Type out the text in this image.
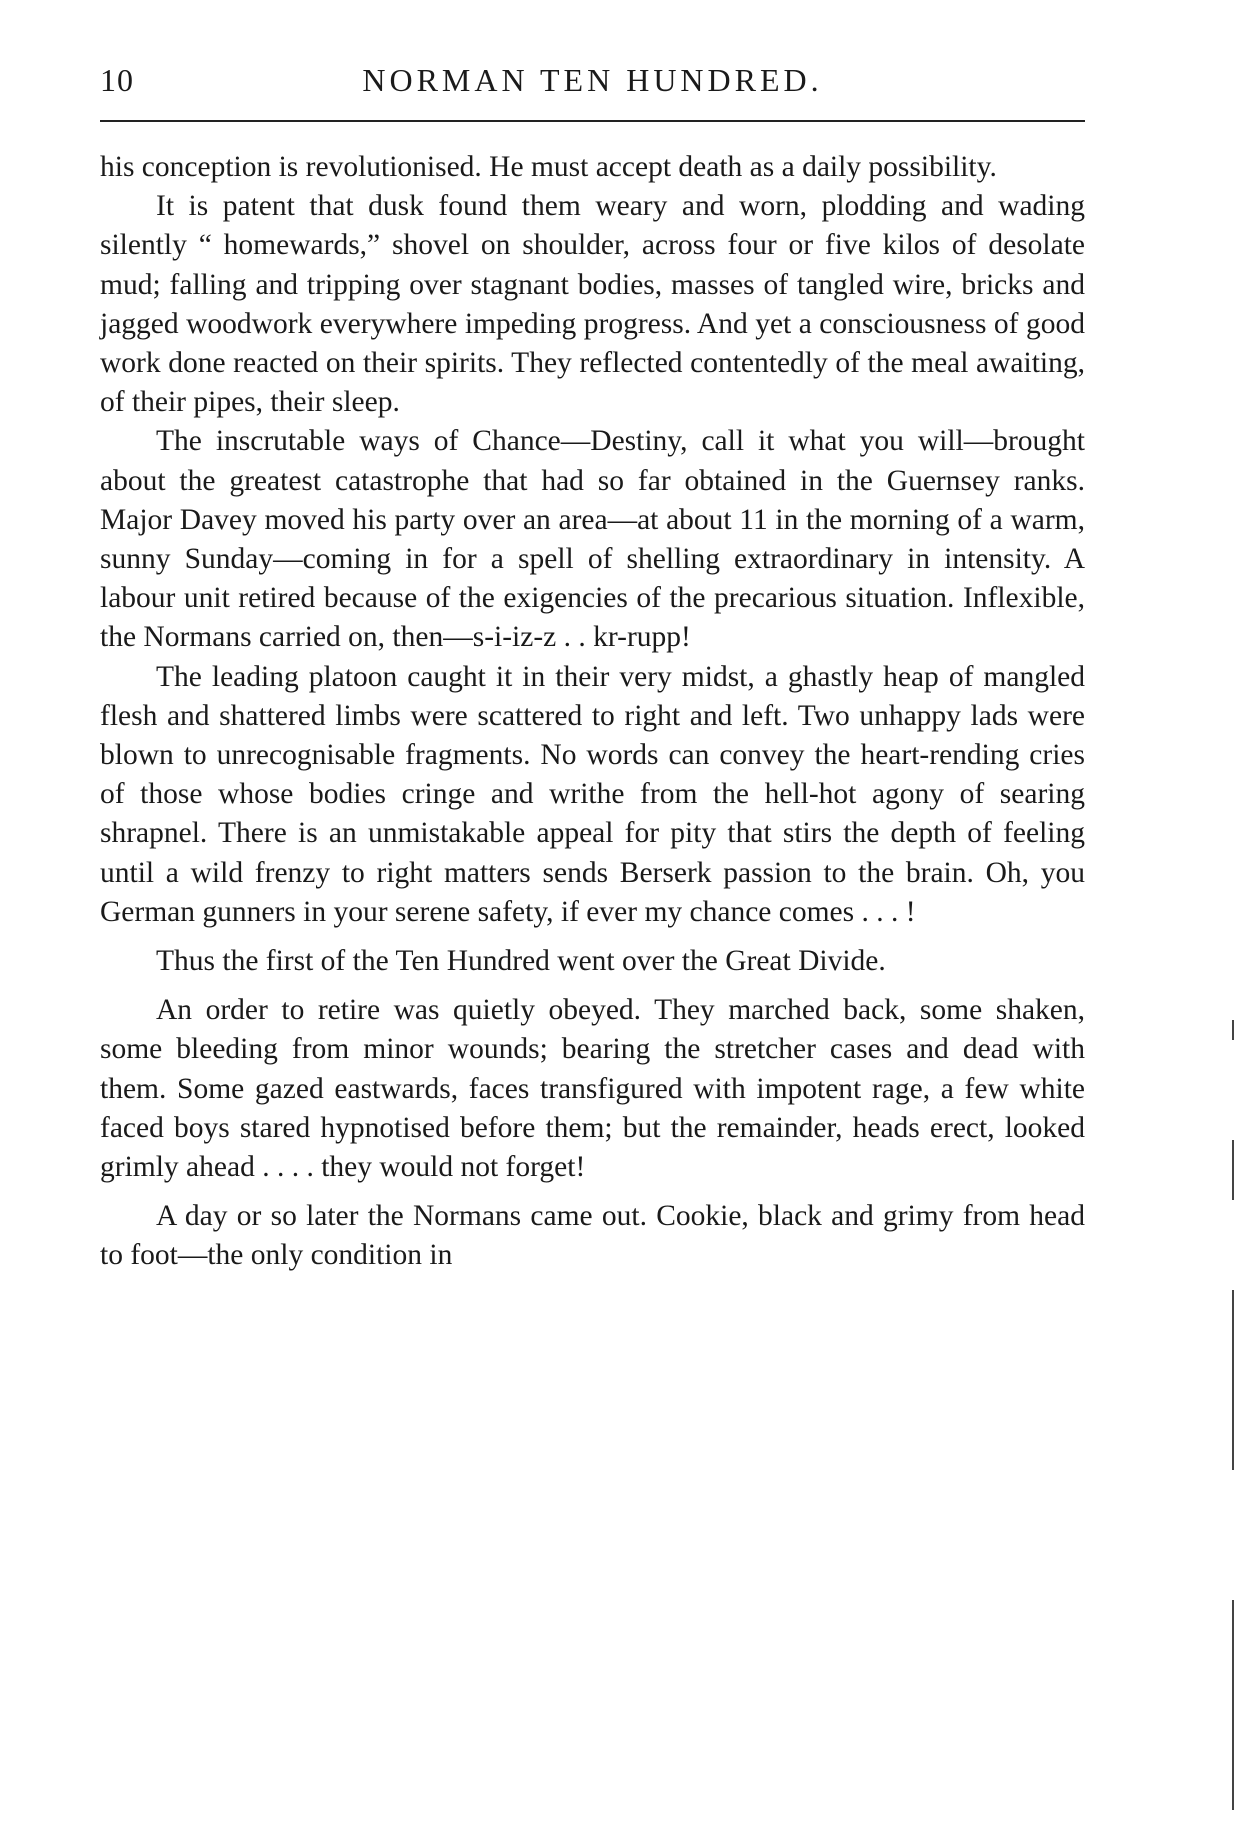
10	NORMAN TEN HUNDRED.

his conception is revolutionised. He must accept death as a daily possibility.

It is patent that dusk found them weary and worn, plodding and wading silently “ homewards,” shovel on shoulder, across four or five kilos of desolate mud; falling and tripping over stagnant bodies, masses of tangled wire, bricks and jagged woodwork everywhere impeding progress. And yet a consciousness of good work done reacted on their spirits. They reflected contentedly of the meal awaiting, of their pipes, their sleep.

The inscrutable ways of Chance—Destiny, call it what you will—brought about the greatest catastrophe that had so far obtained in the Guernsey ranks. Major Davey moved his party over an area—at about 11 in the morning of a warm, sunny Sunday—coming in for a spell of shelling extraordinary in intensity. A labour unit retired because of the exigencies of the precarious situation. Inflexible, the Normans carried on, then—s-i-iz-z . . kr-rupp!

The leading platoon caught it in their very midst, a ghastly heap of mangled flesh and shattered limbs were scattered to right and left. Two unhappy lads were blown to unrecognisable fragments. No words can convey the heart-rending cries of those whose bodies cringe and writhe from the hell-hot agony of searing shrapnel. There is an unmistakable appeal for pity that stirs the depth of feeling until a wild frenzy to right matters sends Berserk passion to the brain. Oh, you German gunners in your serene safety, if ever my chance comes . . . !

Thus the first of the Ten Hundred went over the Great Divide.

An order to retire was quietly obeyed. They marched back, some shaken, some bleeding from minor wounds; bearing the stretcher cases and dead with them. Some gazed eastwards, faces transfigured with impotent rage, a few white faced boys stared hypnotised before them; but the remainder, heads erect, looked grimly ahead . . . . they would not forget!

A day or so later the Normans came out. Cookie, black and grimy from head to foot—the only condition in
